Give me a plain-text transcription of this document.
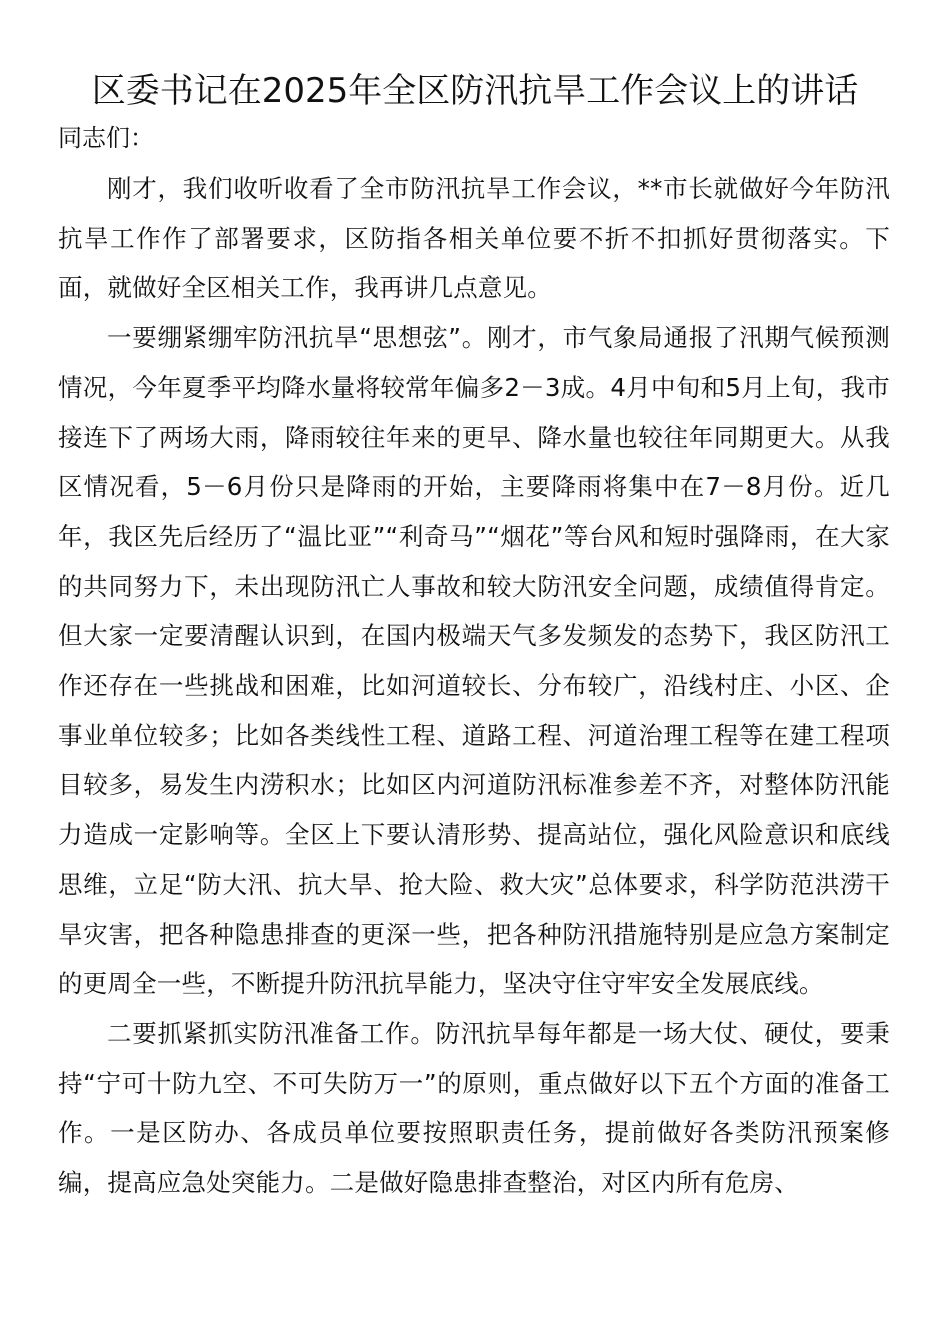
区委书记在2025年全区防汛抗旱工作会议上的讲话

同志们：

刚才，我们收听收看了全市防汛抗旱工作会议，**市长就做好今年防汛抗旱工作作了部署要求，区防指各相关单位要不折不扣抓好贯彻落实。下面，就做好全区相关工作，我再讲几点意见。

一要绷紧绷牢防汛抗旱“思想弦”。刚才，市气象局通报了汛期气候预测情况，今年夏季平均降水量将较常年偏多2－3成。4月中旬和5月上旬，我市接连下了两场大雨，降雨较往年来的更早、降水量也较往年同期更大。从我区情况看，5－6月份只是降雨的开始，主要降雨将集中在7－8月份。近几年，我区先后经历了“温比亚”“利奇马”“烟花”等台风和短时强降雨，在大家的共同努力下，未出现防汛亡人事故和较大防汛安全问题，成绩值得肯定。但大家一定要清醒认识到，在国内极端天气多发频发的态势下，我区防汛工作还存在一些挑战和困难，比如河道较长、分布较广，沿线村庄、小区、企事业单位较多；比如各类线性工程、道路工程、河道治理工程等在建工程项目较多，易发生内涝积水；比如区内河道防汛标准参差不齐，对整体防汛能力造成一定影响等。全区上下要认清形势、提高站位，强化风险意识和底线思维，立足“防大汛、抗大旱、抢大险、救大灾”总体要求，科学防范洪涝干旱灾害，把各种隐患排查的更深一些，把各种防汛措施特别是应急方案制定的更周全一些，不断提升防汛抗旱能力，坚决守住守牢安全发展底线。

二要抓紧抓实防汛准备工作。防汛抗旱每年都是一场大仗、硬仗，要秉持“宁可十防九空、不可失防万一”的原则，重点做好以下五个方面的准备工作。一是区防办、各成员单位要按照职责任务，提前做好各类防汛预案修编，提高应急处突能力。二是做好隐患排查整治，对区内所有危房、
